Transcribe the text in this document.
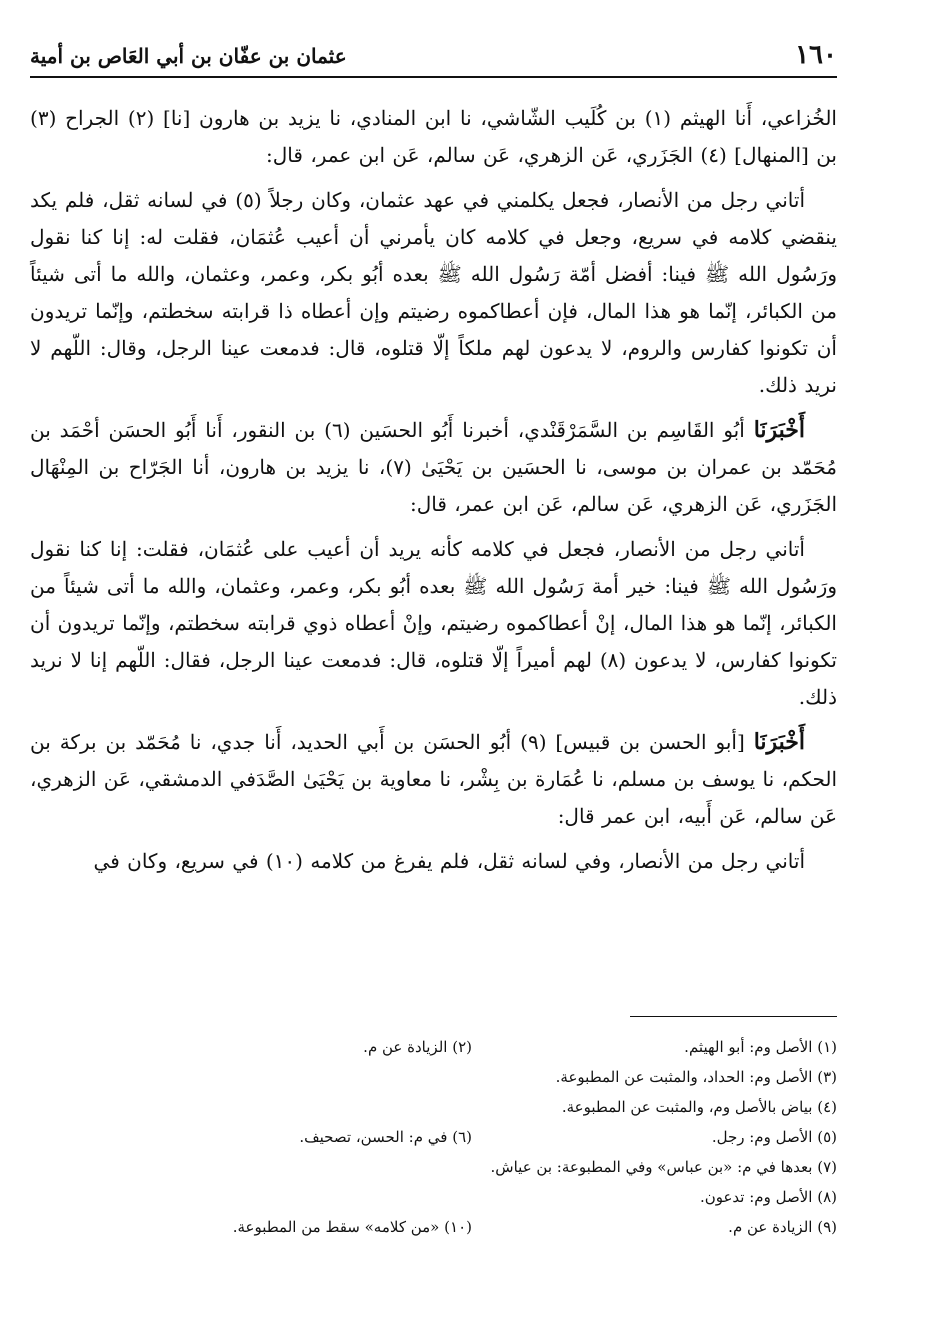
١٦٠
عثمان بن عفّان بن أبي العَاص بن أمية

الخُزاعي، أَنا الهيثم (١) بن كُلَيب الشّاشي، نا ابن المنادي، نا يزيد بن هارون [نا] (٢) الجراح (٣) بن [المنهال] (٤) الجَزَري، عَن الزهري، عَن سالم، عَن ابن عمر، قال:

أتاني رجل من الأنصار، فجعل يكلمني في عهد عثمان، وكان رجلاً (٥) في لسانه ثقل، فلم يكد ينقضي كلامه في سريع، وجعل في كلامه كان يأمرني أن أعيب عُثمَان، فقلت له: إنا كنا نقول ورَسُول الله ﷺ فينا: أفضل أمّة رَسُول الله ﷺ بعده أبُو بكر، وعمر، وعثمان، والله ما أتى شيئاً من الكبائر، إنّما هو هذا المال، فإن أعطاكموه رضيتم وإن أعطاه ذا قرابته سخطتم، وإنّما تريدون أن تكونوا كفارس والروم، لا يدعون لهم ملكاً إلّا قتلوه، قال: فدمعت عينا الرجل، وقال: اللّهم لا نريد ذلك.

أَخْبَرَنَا أبُو القَاسِم بن السَّمَرْقَنْدي، أخبرنا أَبُو الحسَين (٦) بن النقور، أَنا أَبُو الحسَن أحْمَد بن مُحَمّد بن عمران بن موسى، نا الحسَين بن يَحْيَىٰ (٧)، نا يزيد بن هارون، أنا الجَرّاح بن المِنْهَال الجَزَري، عَن الزهري، عَن سالم، عَن ابن عمر، قال:

أتاني رجل من الأنصار، فجعل في كلامه كأنه يريد أن أعيب على عُثمَان، فقلت: إنا كنا نقول ورَسُول الله ﷺ فينا: خير أمة رَسُول الله ﷺ بعده أبُو بكر، وعمر، وعثمان، والله ما أتى شيئاً من الكبائر، إنّما هو هذا المال، إنْ أعطاكموه رضيتم، وإنْ أعطاه ذوي قرابته سخطتم، وإنّما تريدون أن تكونوا كفارس، لا يدعون (٨) لهم أميراً إلّا قتلوه، قال: فدمعت عينا الرجل، فقال: اللّهم إنا لا نريد ذلك.

أَخْبَرَنَا [أبو الحسن بن قبيس] (٩) أبُو الحسَن بن أَبي الحديد، أَنا جدي، نا مُحَمّد بن بركة بن الحكم، نا يوسف بن مسلم، نا عُمَارة بن بِشْر، نا معاوية بن يَحْيَىٰ الصَّدَفي الدمشقي، عَن الزهري، عَن سالم، عَن أَبيه، ابن عمر قال:

أتاني رجل من الأنصار، وفي لسانه ثقل، فلم يفرغ من كلامه (١٠) في سريع، وكان في

(١) الأصل وم: أبو الهيثم.
(٢) الزيادة عن م.
(٣) الأصل وم: الحداد، والمثبت عن المطبوعة.
(٤) بياض بالأصل وم، والمثبت عن المطبوعة.
(٥) الأصل وم: رجل.
(٦) في م: الحسن، تصحيف.
(٧) بعدها في م: «بن عباس» وفي المطبوعة: بن عياش.
(٨) الأصل وم: تدعون.
(٩) الزيادة عن م.
(١٠) «من كلامه» سقط من المطبوعة.
